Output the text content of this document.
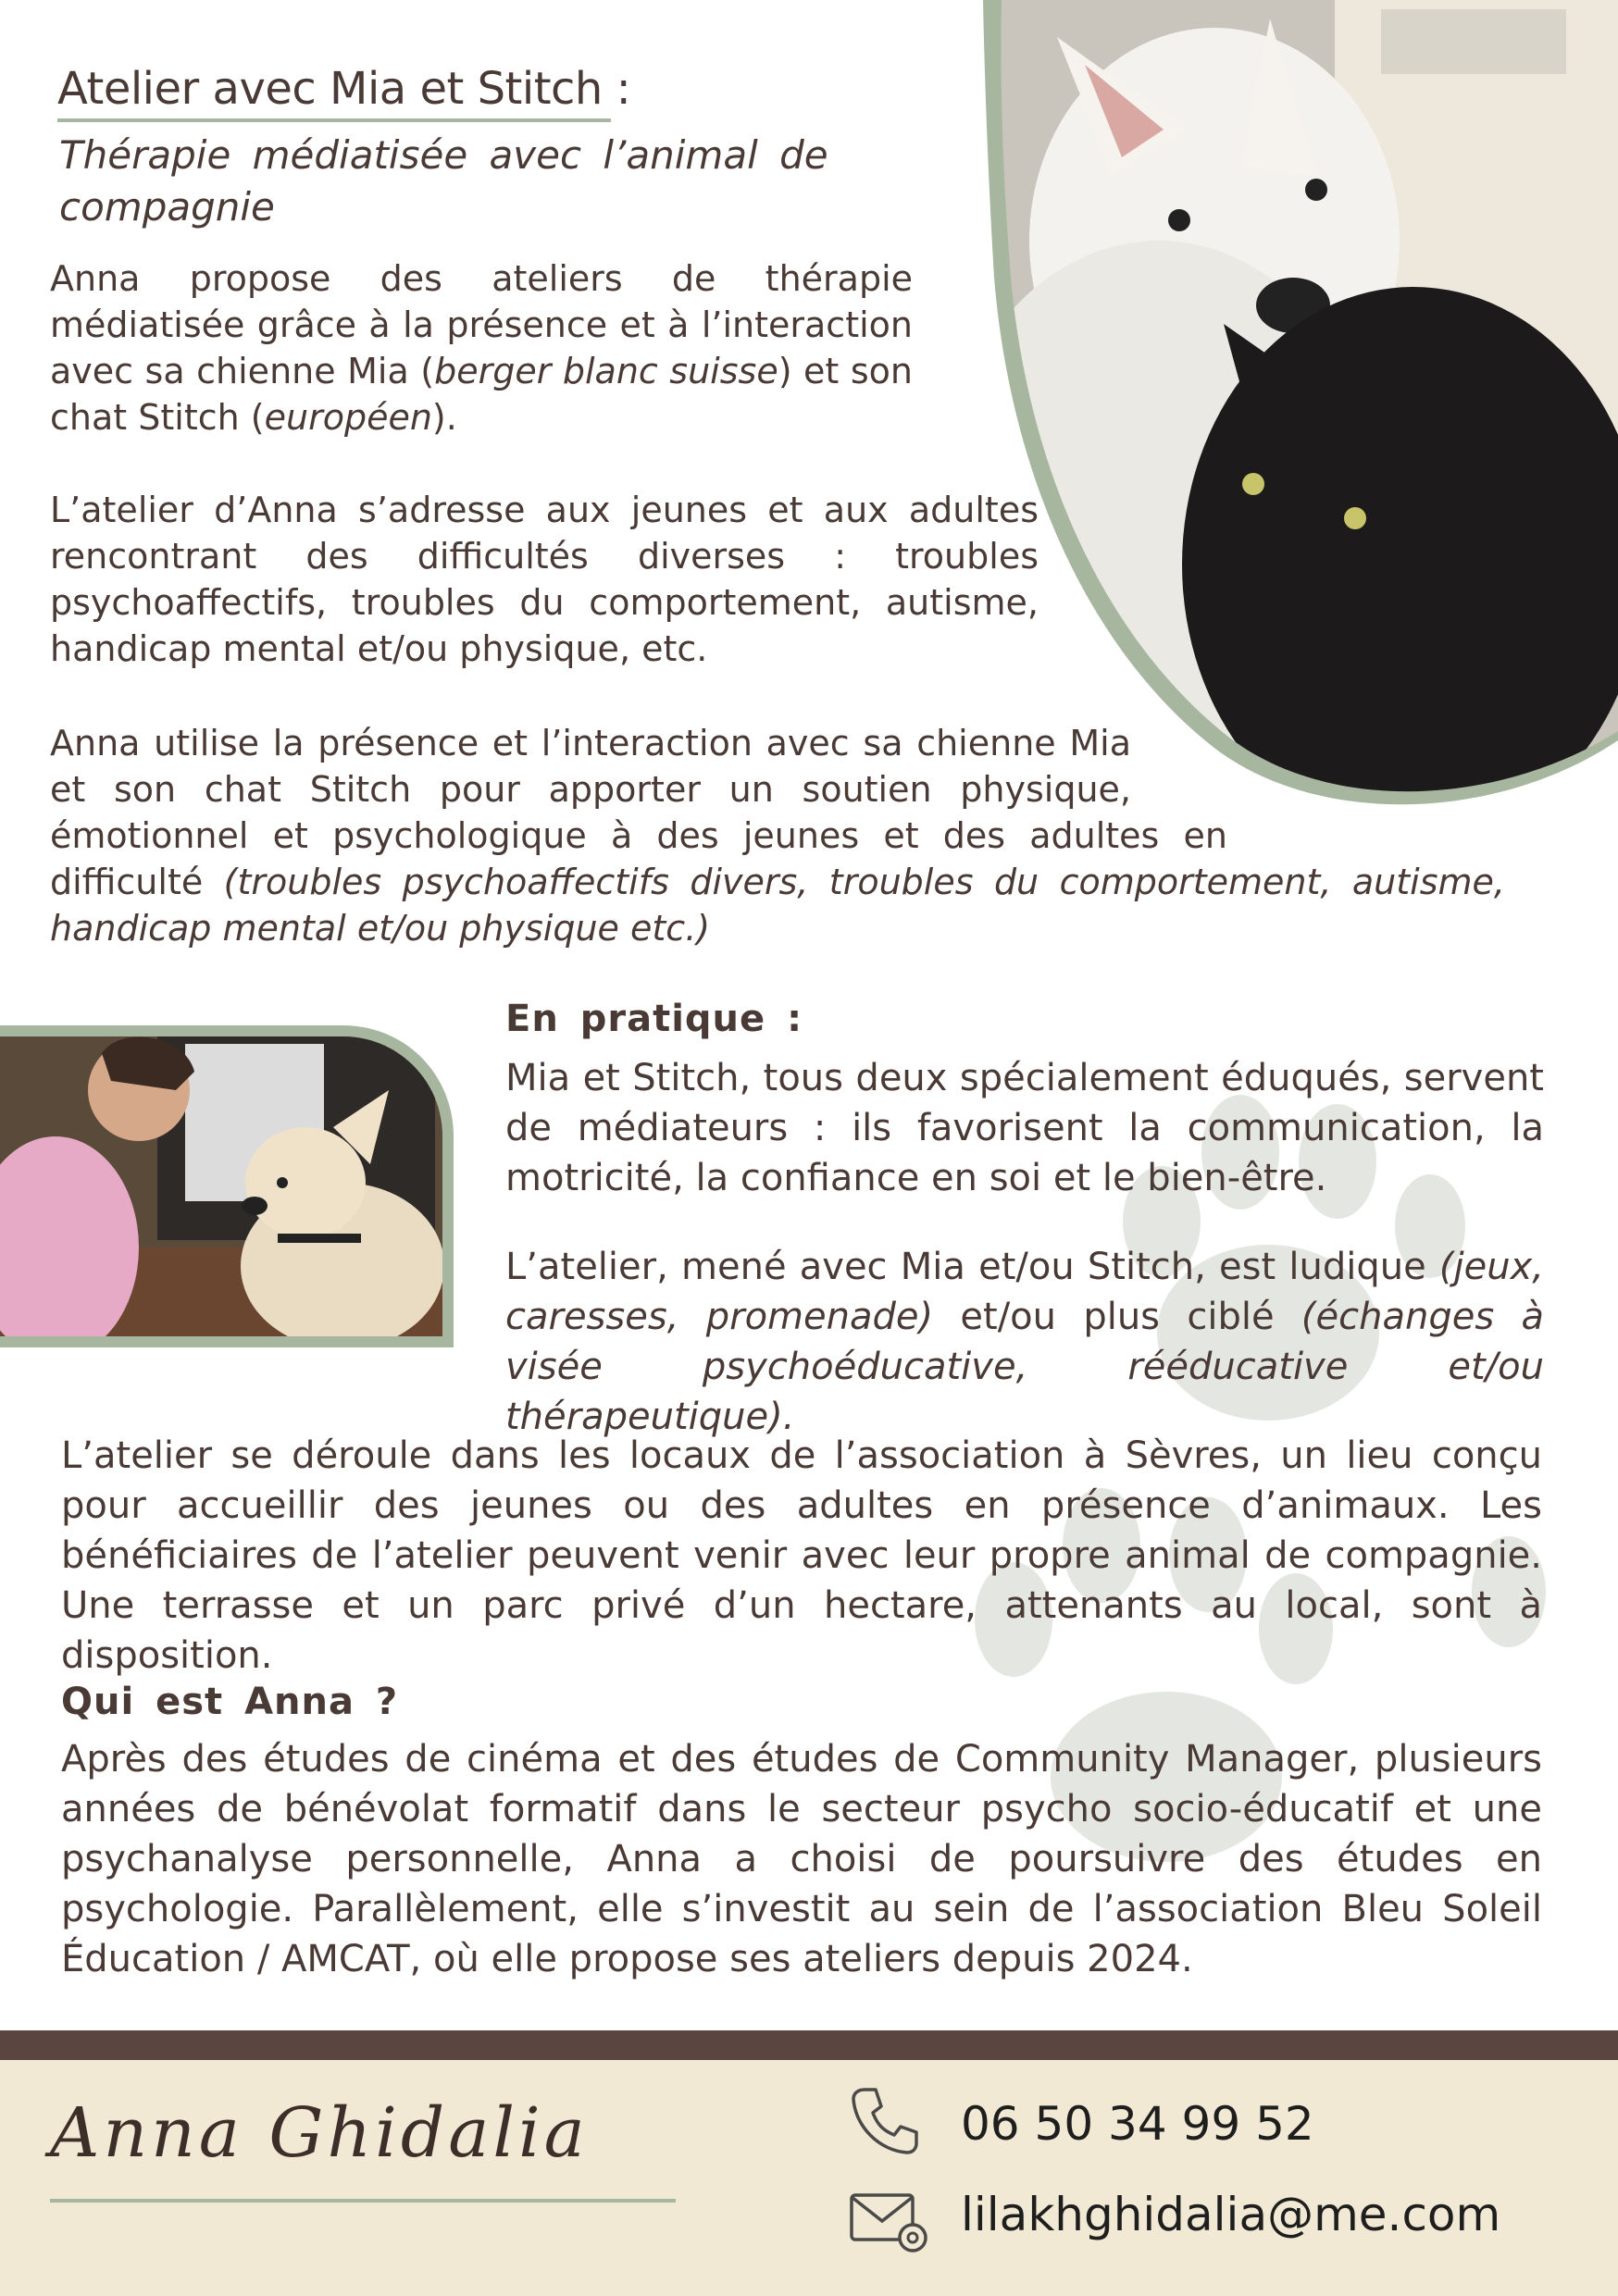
Atelier avec Mia et Stitch :
Thérapie médiatisée avec l’animal de compagnie
Anna propose des ateliers de thérapie médiatisée grâce à la présence et à l’interaction avec sa chienne Mia (berger blanc suisse) et son chat Stitch (européen).
L’atelier d’Anna s’adresse aux jeunes et aux adultes rencontrant des difficultés diverses : troubles psychoaffectifs, troubles du comportement, autisme, handicap mental et/ou physique, etc.
Anna utilise la présence et l’interaction avec sa chienne Mia
et son chat Stitch pour apporter un soutien physique,
émotionnel et psychologique à des jeunes et des adultes en
difficulté (troubles psychoaffectifs divers, troubles du comportement, autisme, handicap mental et/ou physique etc.)
En pratique :
Mia et Stitch, tous deux spécialement éduqués, servent de médiateurs : ils favorisent la communication, la motricité, la confiance en soi et le bien-être.
L’atelier, mené avec Mia et/ou Stitch, est ludique (jeux, caresses, promenade) et/ou plus ciblé (échanges à visée psychoéducative, rééducative et/ou thérapeutique).
L’atelier se déroule dans les locaux de l’association à Sèvres, un lieu conçu pour accueillir des jeunes ou des adultes en présence d’animaux. Les bénéficiaires de l’atelier peuvent venir avec leur propre animal de compagnie. Une terrasse et un parc privé d’un hectare, attenants au local, sont à disposition.
Qui est Anna ?
Après des études de cinéma et des études de Community Manager, plusieurs années de bénévolat formatif dans le secteur psycho socio-éducatif et une psychanalyse personnelle, Anna a choisi de poursuivre des études en psychologie. Parallèlement, elle s’investit au sein de l’association Bleu Soleil Éducation / AMCAT, où elle propose ses ateliers depuis 2024.
Anna Ghidalia	06 50 34 99 52
lilakhghidalia@me.com
